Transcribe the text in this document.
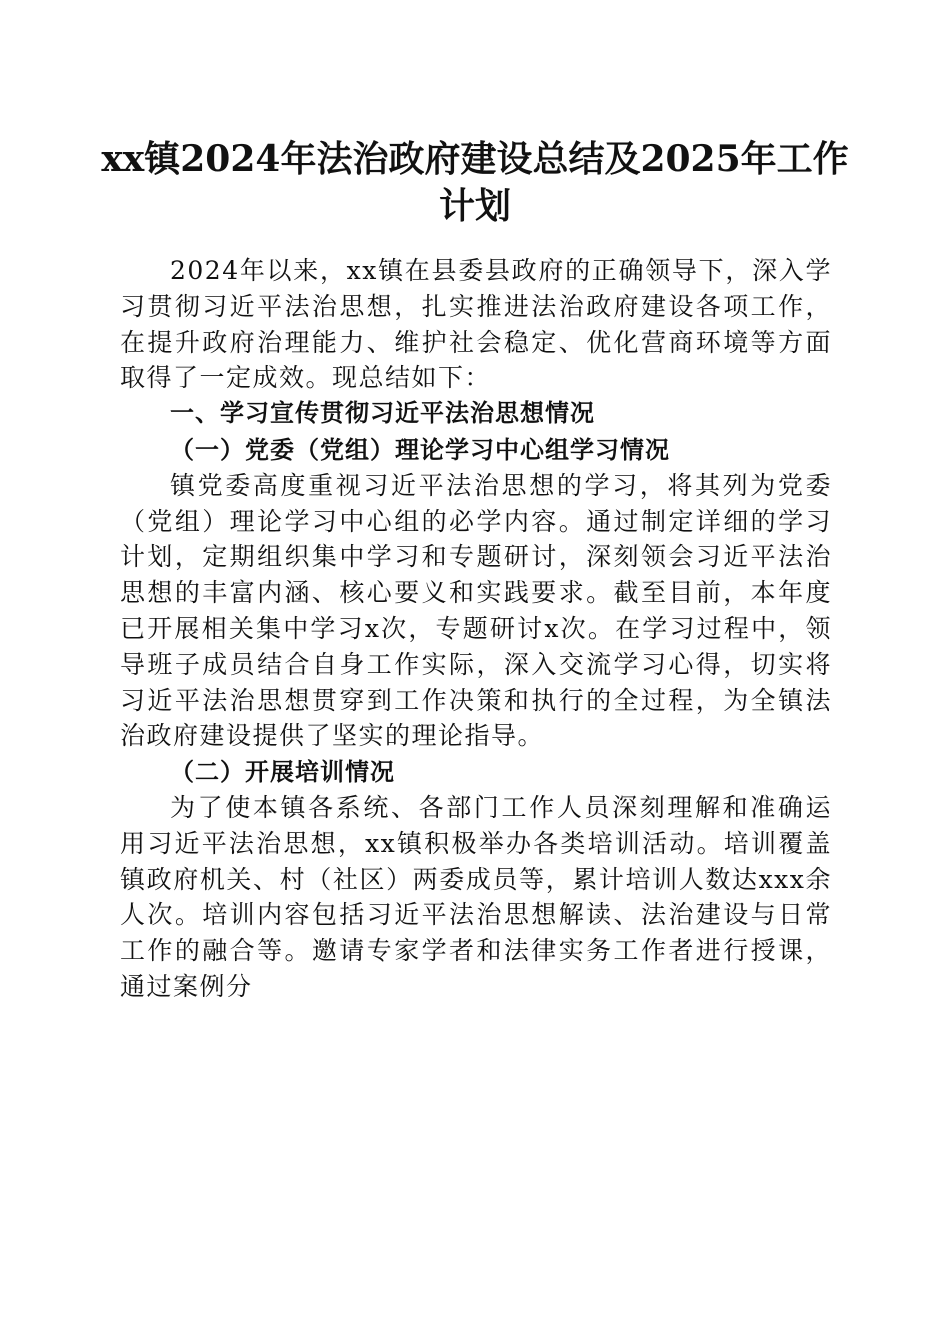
xx镇2024年法治政府建设总结及2025年工作计划

2024年以来，xx镇在县委县政府的正确领导下，深入学习贯彻习近平法治思想，扎实推进法治政府建设各项工作，在提升政府治理能力、维护社会稳定、优化营商环境等方面取得了一定成效。现总结如下：

一、学习宣传贯彻习近平法治思想情况

（一）党委（党组）理论学习中心组学习情况

镇党委高度重视习近平法治思想的学习，将其列为党委（党组）理论学习中心组的必学内容。通过制定详细的学习计划，定期组织集中学习和专题研讨，深刻领会习近平法治思想的丰富内涵、核心要义和实践要求。截至目前，本年度已开展相关集中学习x次，专题研讨x次。在学习过程中，领导班子成员结合自身工作实际，深入交流学习心得，切实将习近平法治思想贯穿到工作决策和执行的全过程，为全镇法治政府建设提供了坚实的理论指导。

（二）开展培训情况

为了使本镇各系统、各部门工作人员深刻理解和准确运用习近平法治思想，xx镇积极举办各类培训活动。培训覆盖镇政府机关、村（社区）两委成员等，累计培训人数达xxx余人次。培训内容包括习近平法治思想解读、法治建设与日常工作的融合等。邀请专家学者和法律实务工作者进行授课，通过案例分
